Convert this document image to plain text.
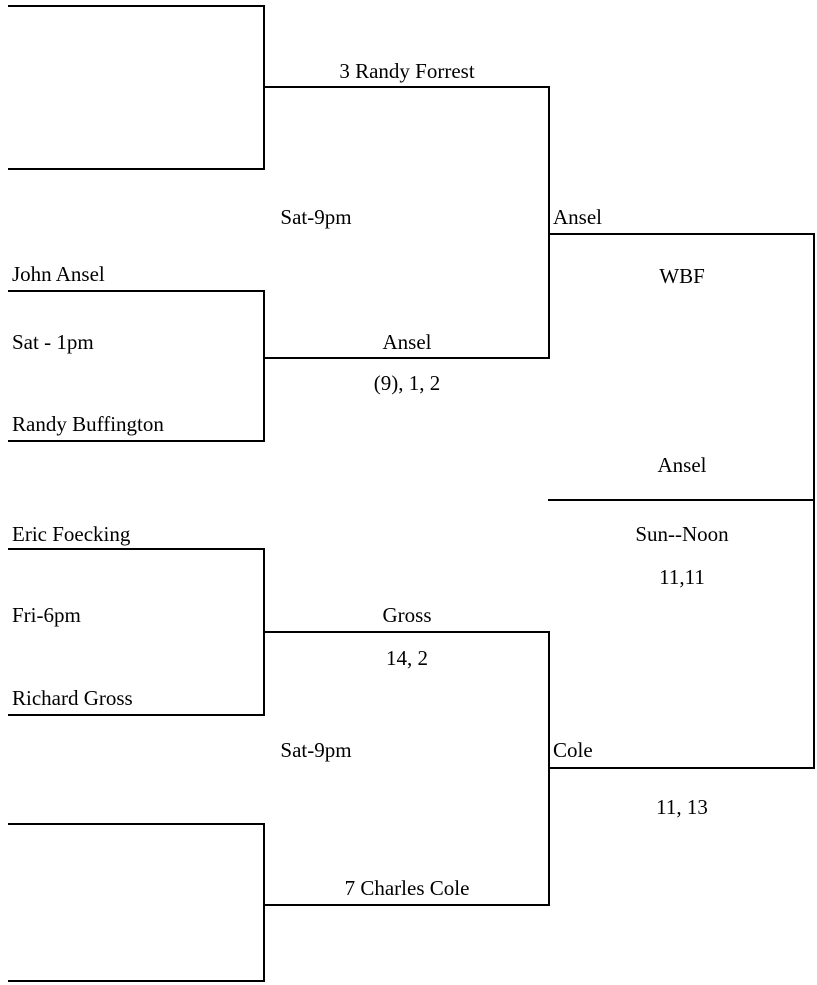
John Ansel
Sat - 1pm
Randy Buffington
Eric Foecking
Fri-6pm
Richard Gross
3 Randy Forrest
Sat-9pm
Ansel
(9), 1, 2
Gross
14, 2
Sat-9pm
7 Charles Cole
Ansel
Cole
11, 13
WBF
Ansel
Sun--Noon
11,11
